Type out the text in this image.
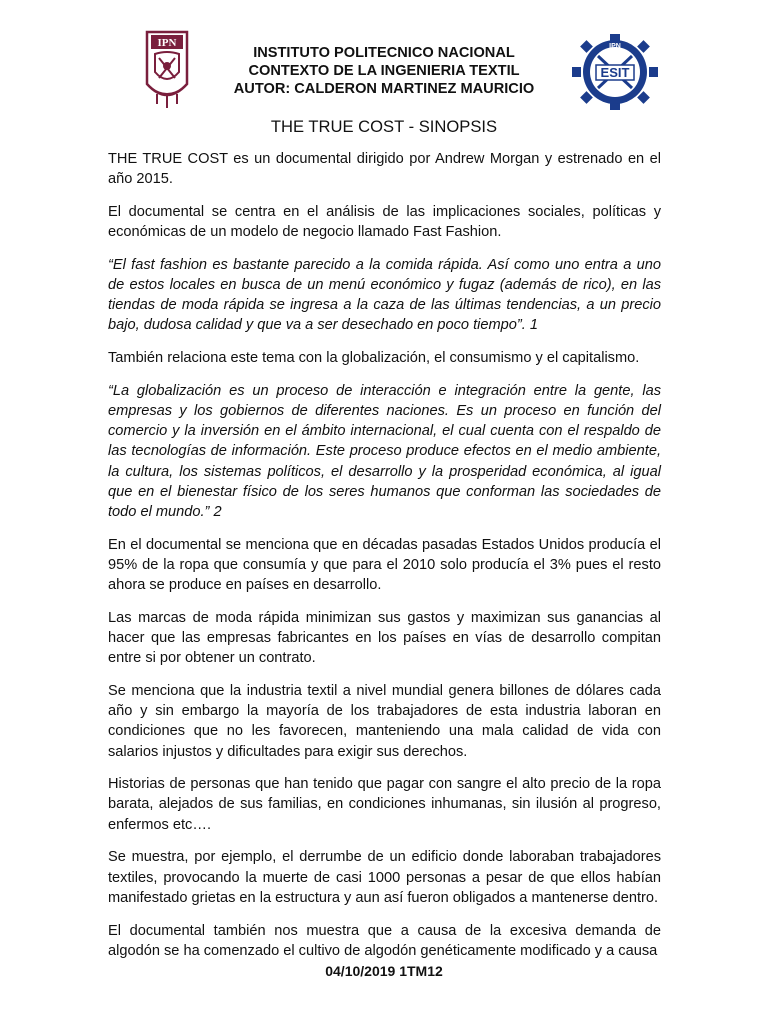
IPN
INSTITUTO POLITECNICO NACIONAL
CONTEXTO DE LA INGENIERIA TEXTIL
AUTOR: CALDERON MARTINEZ MAURICIO
IPN
ESIT
THE TRUE COST - SINOPSIS

THE TRUE COST es un documental dirigido por Andrew Morgan y estrenado en el año 2015.

El documental se centra en el análisis de las implicaciones sociales, políticas y económicas de un modelo de negocio llamado Fast Fashion.

“El fast fashion es bastante parecido a la comida rápida. Así como uno entra a uno de estos locales en busca de un menú económico y fugaz (además de rico), en las tiendas de moda rápida se ingresa a la caza de las últimas tendencias, a un precio bajo, dudosa calidad y que va a ser desechado en poco tiempo”. 1

También relaciona este tema con la globalización, el consumismo y el capitalismo.

“La globalización es un proceso de interacción e integración entre la gente, las empresas y los gobiernos de diferentes naciones. Es un proceso en función del comercio y la inversión en el ámbito internacional, el cual cuenta con el respaldo de las tecnologías de información. Este proceso produce efectos en el medio ambiente, la cultura, los sistemas políticos, el desarrollo y la prosperidad económica, al igual que en el bienestar físico de los seres humanos que conforman las sociedades de todo el mundo.” 2

En el documental se menciona que en décadas pasadas Estados Unidos producía el 95% de la ropa que consumía y que para el 2010 solo producía el 3% pues el resto ahora se produce en países en desarrollo.

Las marcas de moda rápida minimizan sus gastos y maximizan sus ganancias al hacer que las empresas fabricantes en los países en vías de desarrollo compitan entre si por obtener un contrato.

Se menciona que la industria textil a nivel mundial genera billones de dólares cada año y sin embargo la mayoría de los trabajadores de esta industria laboran en condiciones que no les favorecen, manteniendo una mala calidad de vida con salarios injustos y dificultades para exigir sus derechos.

Historias de personas que han tenido que pagar con sangre el alto precio de la ropa barata, alejados de sus familias, en condiciones inhumanas, sin ilusión al progreso, enfermos etc….

Se muestra, por ejemplo, el derrumbe de un edificio donde laboraban trabajadores textiles, provocando la muerte de casi 1000 personas a pesar de que ellos habían manifestado grietas en la estructura y aun así fueron obligados a mantenerse dentro.

El documental también nos muestra que a causa de la excesiva demanda de algodón se ha comenzado el cultivo de algodón genéticamente modificado y a causa

04/10/2019 1TM12
